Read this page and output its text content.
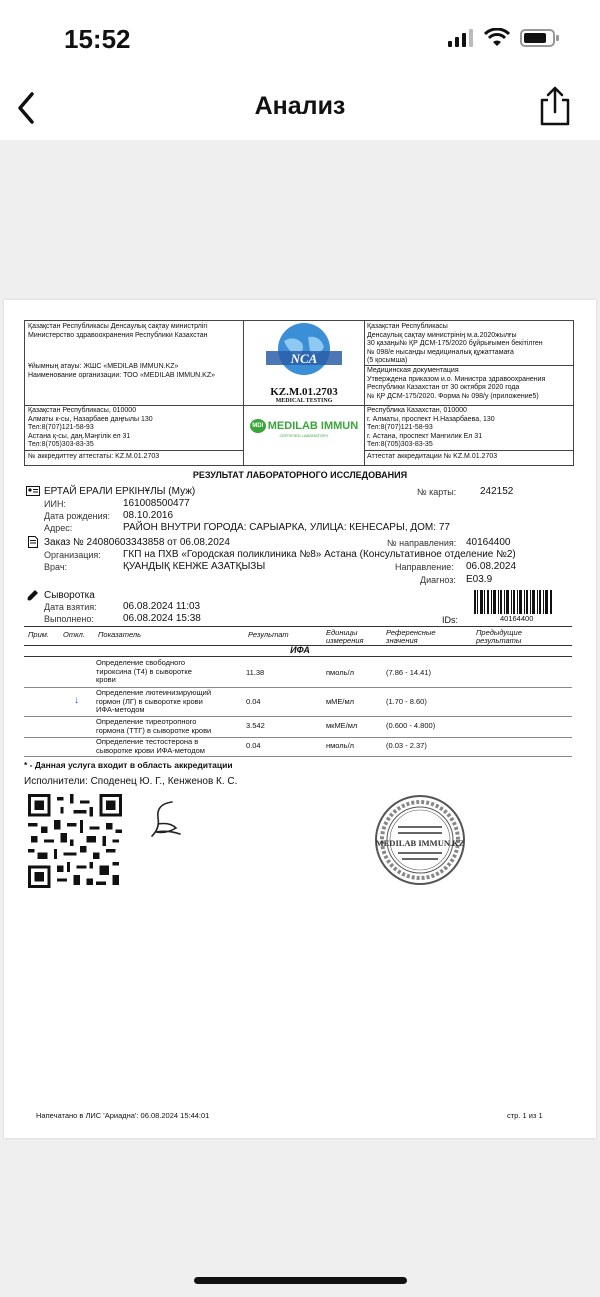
15:52
Анализ
Қазақстан Республикасы Денсаулық сақтау министрлігі
Министерство здравоохранения Республики Казахстан
Ұйымның атауы: ЖШС «MEDILAB IMMUN.KZ»
Наименование организации: ТОО «MEDILAB IMMUN.KZ»
Қазақстан Республикасы
Денсаулық сақтау министрінің м.а.2020жылғы
30 қазаңы№ ҚР ДСМ-175/2020 бұйрығымен бекітілген
№ 098/е нысанды медициналық құжаттамаға
(5 қосымша)
Медицинская документация
Утверждена приказом и.о. Министра здравоохранения
Республики Казахстан от 30 октября 2020 года
№ ҚР ДСМ-175/2020. Форма № 098/у (приложение5)
Қазақстан Республикасы, 010000
Алматы к-сы, Назарбаев даңғылы 130
Тел:8(707)121-58-93
Астана қ-сы, даң.Мәңгілік ел 31
Тел:8(705)303-83-35
Республика Казахстан, 010000
г. Алматы, проспект Н.Назарбаева, 130
Тел:8(707)121-58-93
г. Астана, проспект Мангилик Ел 31
Тел:8(705)303-83-35
№ аккредиттеу аттестаты: KZ.M.01.2703	Аттестат аккредитации № KZ.M.01.2703
NCA
KZ.M.01.2703
MEDICAL TESTING
MDI MEDILAB IMMUN
CERTIFIED LABORATORY
РЕЗУЛЬТАТ ЛАБОРАТОРНОГО ИССЛЕДОВАНИЯ
ЕРТАЙ ЕРАЛИ ЕРКІНҰЛЫ (Муж)	№ карты: 242152
ИИН:	161008500477
Дата рождения: 08.10.2016
Адрес:	РАЙОН ВНУТРИ ГОРОДА: САРЫАРКА, УЛИЦА: КЕНЕСАРЫ, ДОМ: 77
Заказ № 24080603343858 от 06.08.2024	№ направления: 40164400
Организация: ГКП на ПХВ «Городская поликлиника №8» Астана (Консультативное отделение №2)
Врач:	ҚУАНДЫҚ КЕНЖЕ АЗАТҚЫЗЫ	Направление: 06.08.2024
Диагноз: E03.9
Сыворотка
Дата взятия:	06.08.2024 11:03
Выполнено:	06.08.2024 15:38	IDs:	40164400
Прим. Откл. Показатель	Результат	Единицы
измерения
Референсные
значения
Предыдущие
результаты
ИФА
Определение свободного
тироксина (Т4) в сыворотке
крови
11.38	пмоль/л	(7.86 - 14.41)
↓
Определение лютеинизирующий
гормон (ЛГ) в сыворотке крови
ИФА-методом
0.04	мМЕ/мл	(1.70 - 8.60)
Определение тиреотропного
гормона (ТТГ) в сыворотке крови	3.542	мкМЕ/мл	(0.600 - 4.800)
Определение тестостерона в
сыворотке крови ИФА-методом	0.04	нмоль/л	(0.03 - 2.37)
* - Данная услуга входит в область аккредитации
Исполнители: Споденец Ю. Г., Кенженов К. С.
MEDILAB IMMUN.KZ
Напечатано в ЛИС 'Ариадна': 06.08.2024 15:44:01	стр. 1 из 1
